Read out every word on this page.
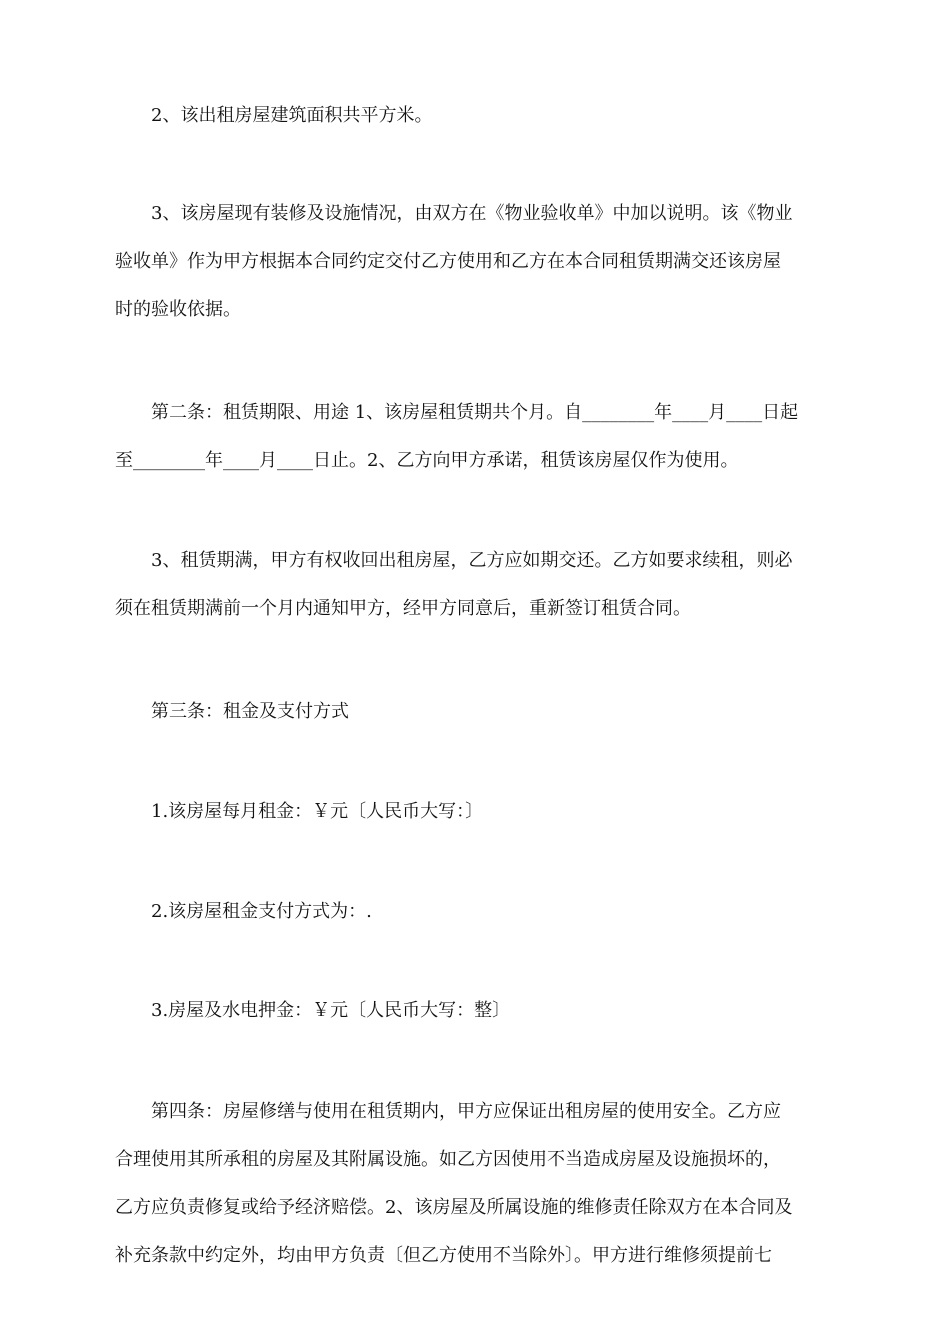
2、该出租房屋建筑面积共平方米。

3、该房屋现有装修及设施情况，由双方在《物业验收单》中加以说明。该《物业
验收单》作为甲方根据本合同约定交付乙方使用和乙方在本合同租赁期满交还该房屋
时的验收依据。

第二条：租赁期限、用途 1、该房屋租赁期共个月。自________年____月____日起
至________年____月____日止。2、乙方向甲方承诺，租赁该房屋仅作为使用。

3、租赁期满，甲方有权收回出租房屋，乙方应如期交还。乙方如要求续租，则必
须在租赁期满前一个月内通知甲方，经甲方同意后，重新签订租赁合同。

第三条：租金及支付方式

1.该房屋每月租金：￥元〔人民币大写：〕

2.该房屋租金支付方式为：.

3.房屋及水电押金：￥元〔人民币大写：整〕

第四条：房屋修缮与使用在租赁期内，甲方应保证出租房屋的使用安全。乙方应
合理使用其所承租的房屋及其附属设施。如乙方因使用不当造成房屋及设施损坏的，
乙方应负责修复或给予经济赔偿。2、该房屋及所属设施的维修责任除双方在本合同及
补充条款中约定外，均由甲方负责〔但乙方使用不当除外〕。甲方进行维修须提前七
